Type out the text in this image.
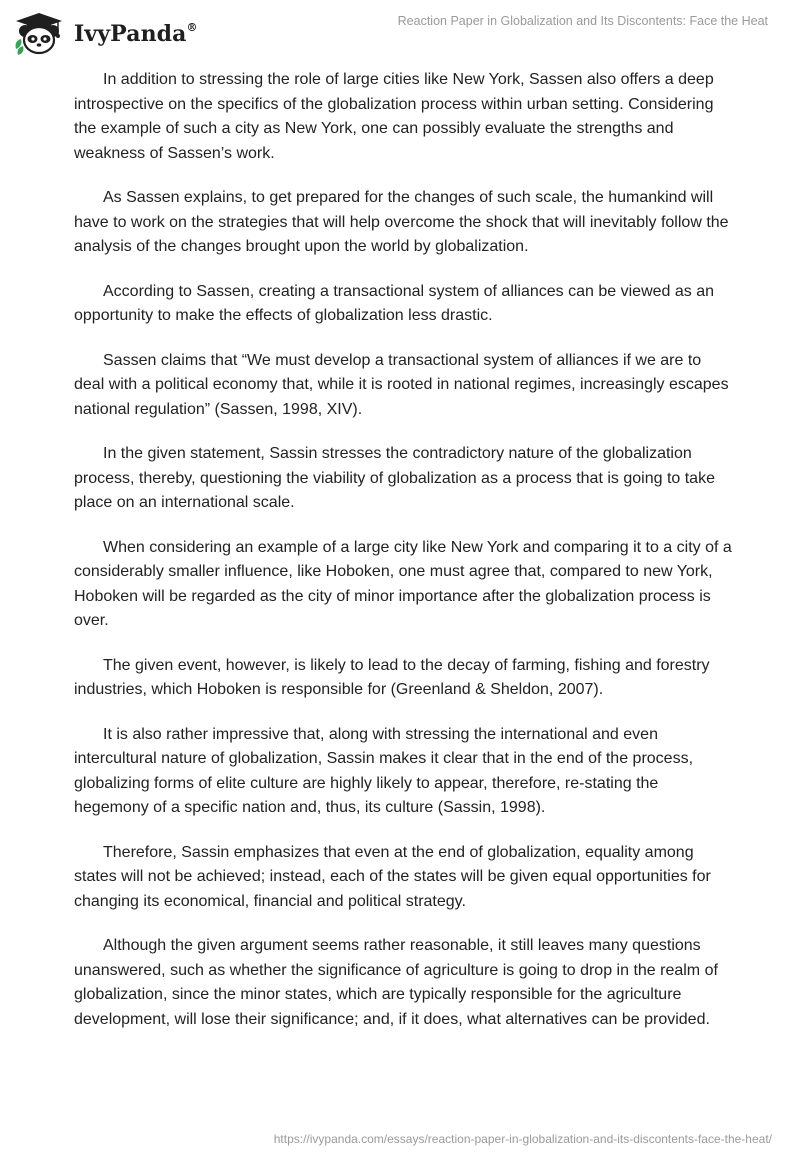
IvyPanda®	Reaction Paper in Globalization and Its Discontents: Face the Heat

In addition to stressing the role of large cities like New York, Sassen also offers a deep introspective on the specifics of the globalization process within urban setting. Considering the example of such a city as New York, one can possibly evaluate the strengths and weakness of Sassen’s work.

As Sassen explains, to get prepared for the changes of such scale, the humankind will have to work on the strategies that will help overcome the shock that will inevitably follow the analysis of the changes brought upon the world by globalization.

According to Sassen, creating a transactional system of alliances can be viewed as an opportunity to make the effects of globalization less drastic.

Sassen claims that “We must develop a transactional system of alliances if we are to deal with a political economy that, while it is rooted in national regimes, increasingly escapes national regulation” (Sassen, 1998, XIV).

In the given statement, Sassin stresses the contradictory nature of the globalization process, thereby, questioning the viability of globalization as a process that is going to take place on an international scale.

When considering an example of a large city like New York and comparing it to a city of a considerably smaller influence, like Hoboken, one must agree that, compared to new York, Hoboken will be regarded as the city of minor importance after the globalization process is over.

The given event, however, is likely to lead to the decay of farming, fishing and forestry industries, which Hoboken is responsible for (Greenland & Sheldon, 2007).

It is also rather impressive that, along with stressing the international and even intercultural nature of globalization, Sassin makes it clear that in the end of the process, globalizing forms of elite culture are highly likely to appear, therefore, re-stating the hegemony of a specific nation and, thus, its culture (Sassin, 1998).

Therefore, Sassin emphasizes that even at the end of globalization, equality among states will not be achieved; instead, each of the states will be given equal opportunities for changing its economical, financial and political strategy.

Although the given argument seems rather reasonable, it still leaves many questions unanswered, such as whether the significance of agriculture is going to drop in the realm of globalization, since the minor states, which are typically responsible for the agriculture development, will lose their significance; and, if it does, what alternatives can be provided.

https://ivypanda.com/essays/reaction-paper-in-globalization-and-its-discontents-face-the-heat/
